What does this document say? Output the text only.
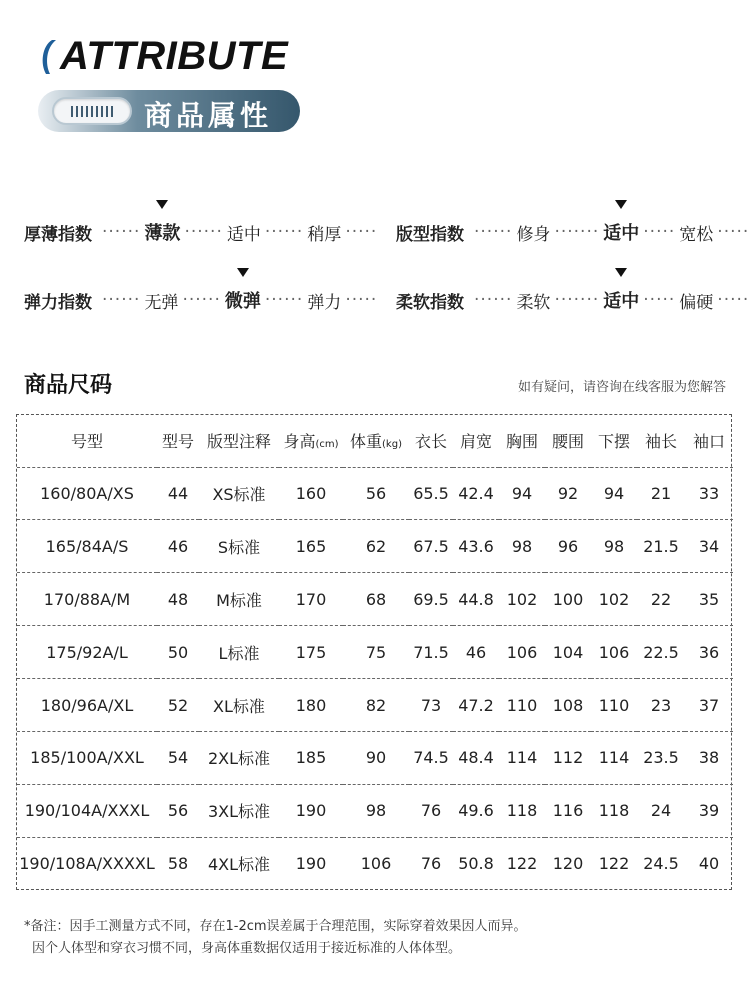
ATTRIBUTE
商品属性
厚薄指数 ······ 薄款 ······ 适中 ······ 稍厚 ····· 版型指数 ······ 修身 ······· 适中 ····· 宽松 ·····
弹力指数 ······ 无弹 ······ 微弹 ······ 弹力 ····· 柔软指数 ······ 柔软 ······· 适中 ····· 偏硬 ·····
商品尺码	如有疑问，请咨询在线客服为您解答
号型	型号	版型注释	身高(cm)	体重(kg)	衣长	肩宽	胸围	腰围	下摆	袖长	袖口
160/80A/XS	44	XS标准	160	56	65.5	42.4	94	92	94	21	33
165/84A/S	46	S标准	165	62	67.5	43.6	98	96	98	21.5	34
170/88A/M	48	M标准	170	68	69.5	44.8	102	100	102	22	35
175/92A/L	50	L标准	175	75	71.5	46	106	104	106	22.5	36
180/96A/XL	52	XL标准	180	82	73	47.2	110	108	110	23	37
185/100A/XXL	54	2XL标准	185	90	74.5	48.4	114	112	114	23.5	38
190/104A/XXXL	56	3XL标准	190	98	76	49.6	118	116	118	24	39
190/108A/XXXXL	58	4XL标准	190	106	76	50.8	122	120	122	24.5	40
*备注：因手工测量方式不同，存在1-2cm误差属于合理范围，实际穿着效果因人而异。
因个人体型和穿衣习惯不同，身高体重数据仅适用于接近标准的人体体型。
